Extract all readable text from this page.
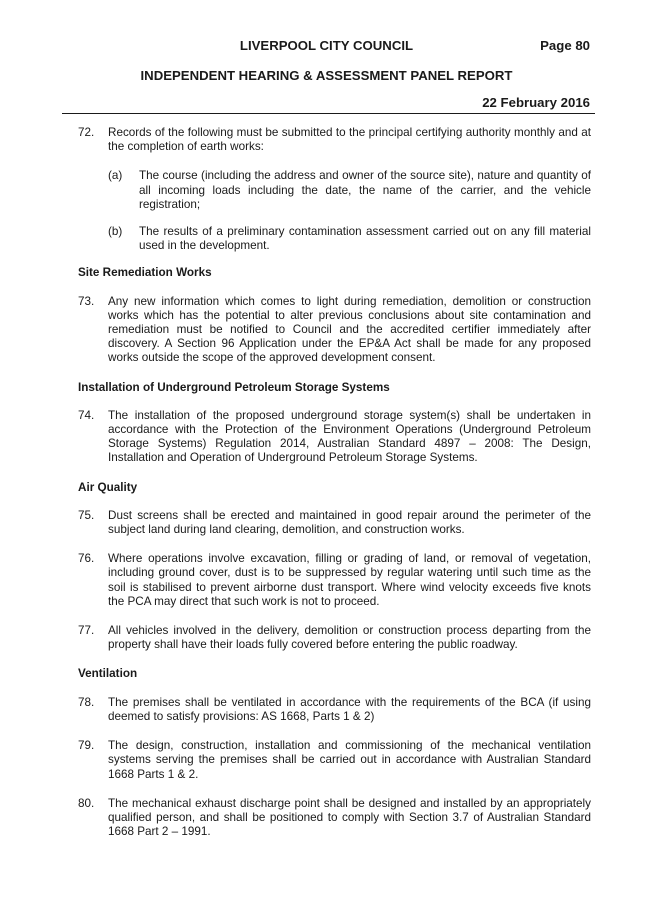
LIVERPOOL CITY COUNCIL	Page 80
INDEPENDENT HEARING & ASSESSMENT PANEL REPORT
22 February 2016
72.	Records of the following must be submitted to the principal certifying authority monthly and at the completion of earth works:
(a)	The course (including the address and owner of the source site), nature and quantity of all incoming loads including the date, the name of the carrier, and the vehicle registration;
(b)	The results of a preliminary contamination assessment carried out on any fill material used in the development.
Site Remediation Works
73.	Any new information which comes to light during remediation, demolition or construction works which has the potential to alter previous conclusions about site contamination and remediation must be notified to Council and the accredited certifier immediately after discovery. A Section 96 Application under the EP&A Act shall be made for any proposed works outside the scope of the approved development consent.
Installation of Underground Petroleum Storage Systems
74.	The installation of the proposed underground storage system(s) shall be undertaken in accordance with the Protection of the Environment Operations (Underground Petroleum Storage Systems) Regulation 2014, Australian Standard 4897 – 2008: The Design, Installation and Operation of Underground Petroleum Storage Systems.
Air Quality
75.	Dust screens shall be erected and maintained in good repair around the perimeter of the subject land during land clearing, demolition, and construction works.
76.	Where operations involve excavation, filling or grading of land, or removal of vegetation, including ground cover, dust is to be suppressed by regular watering until such time as the soil is stabilised to prevent airborne dust transport. Where wind velocity exceeds five knots the PCA may direct that such work is not to proceed.
77.	All vehicles involved in the delivery, demolition or construction process departing from the property shall have their loads fully covered before entering the public roadway.
Ventilation
78.	The premises shall be ventilated in accordance with the requirements of the BCA (if using deemed to satisfy provisions: AS 1668, Parts 1 & 2)
79.	The design, construction, installation and commissioning of the mechanical ventilation systems serving the premises shall be carried out in accordance with Australian Standard 1668 Parts 1 & 2.
80.	The mechanical exhaust discharge point shall be designed and installed by an appropriately qualified person, and shall be positioned to comply with Section 3.7 of Australian Standard 1668 Part 2 – 1991.
